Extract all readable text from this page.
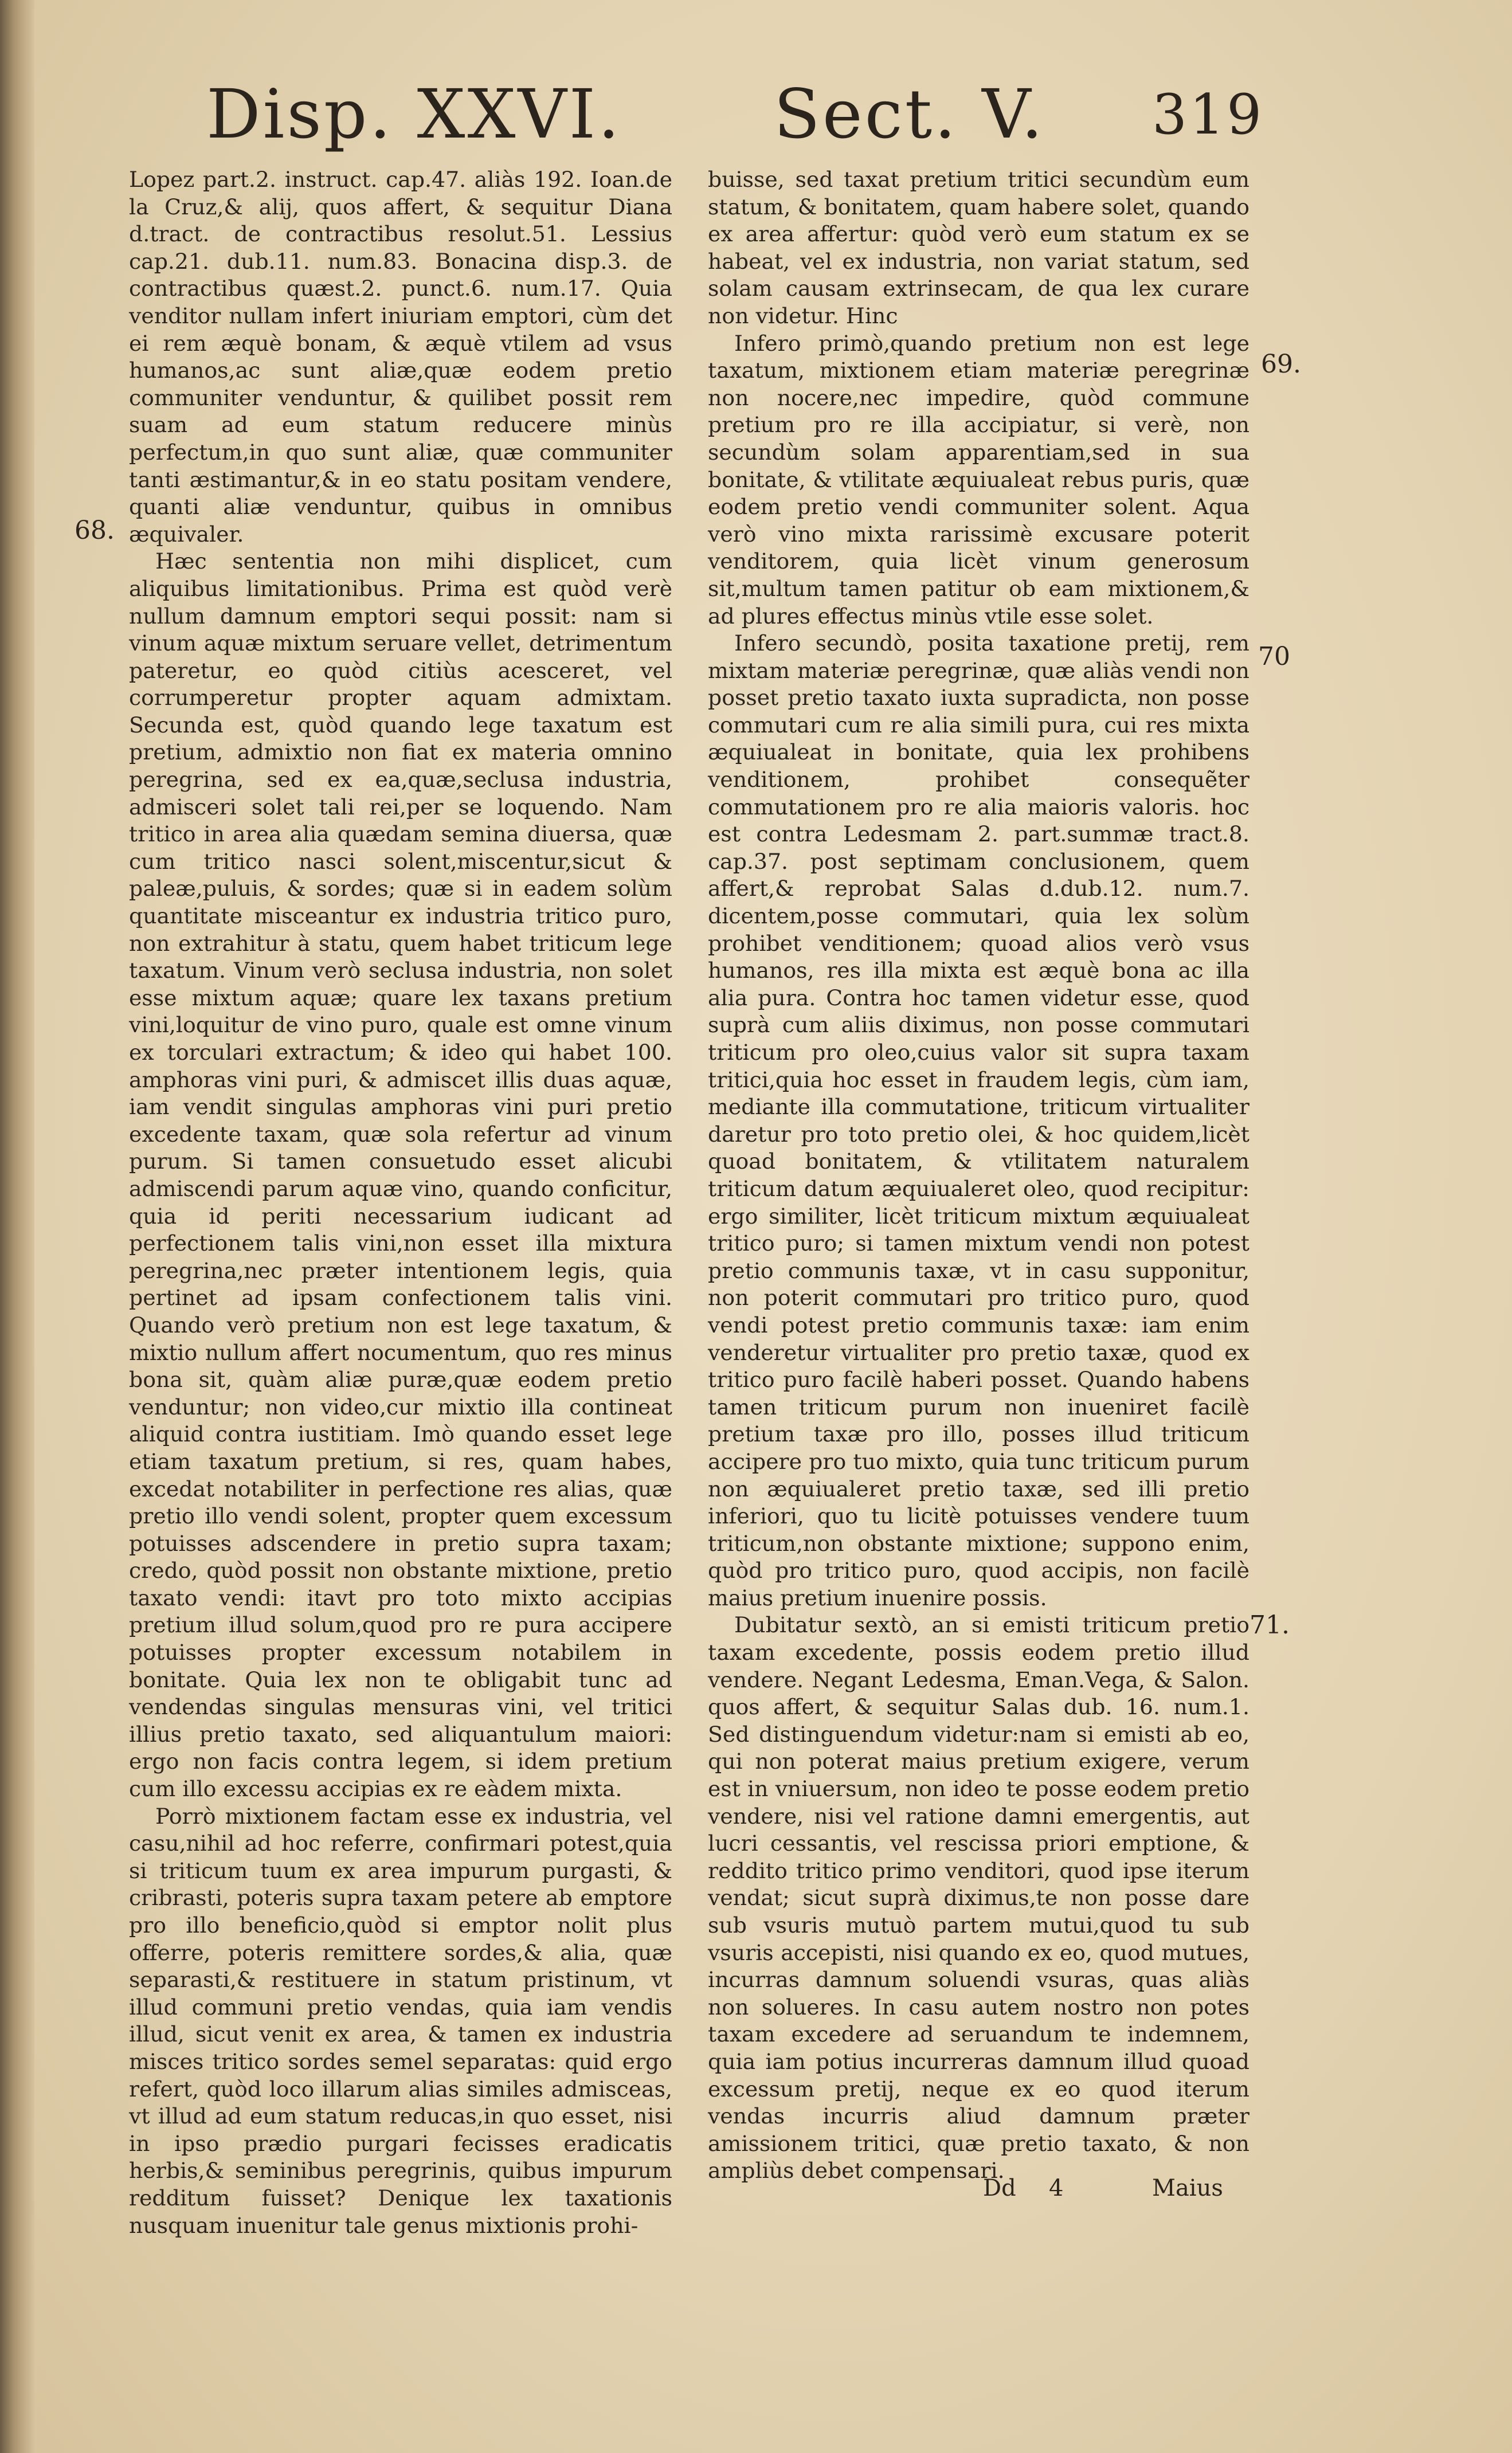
Disp. XXVI. Sect. V. 319

Lopez part.2. instruct. cap.47. aliàs 192. Ioan.de la Cruz,& alij, quos affert, & sequitur Diana d.tract. de contractibus resolut.51. Lessius cap.21. dub.11. num.83. Bonacina disp.3. de contractibus quæst.2. punct.6. num.17. Quia venditor nullam infert iniuriam emptori, cùm det ei rem æquè bonam, & æquè vtilem ad vsus humanos,ac sunt aliæ,quæ eodem pretio communiter venduntur, & quilibet possit rem suam ad eum statum reducere minùs perfectum,in quo sunt aliæ, quæ communiter tanti æstimantur,& in eo statu positam vendere, quanti aliæ venduntur, quibus in omnibus æquivaler.

Hæc sententia non mihi displicet, cum aliquibus limitationibus. Prima est quòd verè nullum damnum emptori sequi possit: nam si vinum aquæ mixtum seruare vellet, detrimentum pateretur, eo quòd citiùs acesceret, vel corrumperetur propter aquam admixtam. Secunda est, quòd quando lege taxatum est pretium, admixtio non fiat ex materia omnino peregrina, sed ex ea,quæ,seclusa industria, admisceri solet tali rei,per se loquendo. Nam tritico in area alia quædam semina diuersa, quæ cum tritico nasci solent,miscentur,sicut & paleæ,puluis, & sordes; quæ si in eadem solùm quantitate misceantur ex industria tritico puro, non extrahitur à statu, quem habet triticum lege taxatum. Vinum verò seclusa industria, non solet esse mixtum aquæ; quare lex taxans pretium vini,loquitur de vino puro, quale est omne vinum ex torculari extractum; & ideo qui habet 100. amphoras vini puri, & admiscet illis duas aquæ, iam vendit singulas amphoras vini puri pretio excedente taxam, quæ sola refertur ad vinum purum. Si tamen consuetudo esset alicubi admiscendi parum aquæ vino, quando conficitur, quia id periti necessarium iudicant ad perfectionem talis vini,non esset illa mixtura peregrina,nec præter intentionem legis, quia pertinet ad ipsam confectionem talis vini. Quando verò pretium non est lege taxatum, & mixtio nullum affert nocumentum, quo res minus bona sit, quàm aliæ puræ,quæ eodem pretio venduntur; non video,cur mixtio illa contineat aliquid contra iustitiam. Imò quando esset lege etiam taxatum pretium, si res, quam habes, excedat notabiliter in perfectione res alias, quæ pretio illo vendi solent, propter quem excessum potuisses adscendere in pretio supra taxam; credo, quòd possit non obstante mixtione, pretio taxato vendi: itavt pro toto mixto accipias pretium illud solum,quod pro re pura accipere potuisses propter excessum notabilem in bonitate. Quia lex non te obligabit tunc ad vendendas singulas mensuras vini, vel tritici illius pretio taxato, sed aliquantulum maiori: ergo non facis contra legem, si idem pretium cum illo excessu accipias ex re eàdem mixta.

Porrò mixtionem factam esse ex industria, vel casu,nihil ad hoc referre, confirmari potest,quia si triticum tuum ex area impurum purgasti, & cribrasti, poteris supra taxam petere ab emptore pro illo beneficio,quòd si emptor nolit plus offerre, poteris remittere sordes,& alia, quæ separasti,& restituere in statum pristinum, vt illud communi pretio vendas, quia iam vendis illud, sicut venit ex area, & tamen ex industria misces tritico sordes semel separatas: quid ergo refert, quòd loco illarum alias similes admisceas, vt illud ad eum statum reducas,in quo esset, nisi in ipso prædio purgari fecisses eradicatis herbis,& seminibus peregrinis, quibus impurum redditum fuisset? Denique lex taxationis nusquam inuenitur tale genus mixtionis prohi-

buisse, sed taxat pretium tritici secundùm eum statum, & bonitatem, quam habere solet, quando ex area affertur: quòd verò eum statum ex se habeat, vel ex industria, non variat statum, sed solam causam extrinsecam, de qua lex curare non videtur. Hinc

Infero primò,quando pretium non est lege taxatum, mixtionem etiam materiæ peregrinæ non nocere,nec impedire, quòd commune pretium pro re illa accipiatur, si verè, non secundùm solam apparentiam,sed in sua bonitate, & vtilitate æquiualeat rebus puris, quæ eodem pretio vendi communiter solent. Aqua verò vino mixta rarissimè excusare poterit venditorem, quia licèt vinum generosum sit,multum tamen patitur ob eam mixtionem,& ad plures effectus minùs vtile esse solet.

Infero secundò, posita taxatione pretij, rem mixtam materiæ peregrinæ, quæ aliàs vendi non posset pretio taxato iuxta supradicta, non posse commutari cum re alia simili pura, cui res mixta æquiualeat in bonitate, quia lex prohibens venditionem, prohibet consequẽter commutationem pro re alia maioris valoris. hoc est contra Ledesmam 2. part.summæ tract.8. cap.37. post septimam conclusionem, quem affert,& reprobat Salas d.dub.12. num.7. dicentem,posse commutari, quia lex solùm prohibet venditionem; quoad alios verò vsus humanos, res illa mixta est æquè bona ac illa alia pura. Contra hoc tamen videtur esse, quod suprà cum aliis diximus, non posse commutari triticum pro oleo,cuius valor sit supra taxam tritici,quia hoc esset in fraudem legis, cùm iam, mediante illa commutatione, triticum virtualiter daretur pro toto pretio olei, & hoc quidem,licèt quoad bonitatem, & vtilitatem naturalem triticum datum æquiualeret oleo, quod recipitur: ergo similiter, licèt triticum mixtum æquiualeat tritico puro; si tamen mixtum vendi non potest pretio communis taxæ, vt in casu supponitur, non poterit commutari pro tritico puro, quod vendi potest pretio communis taxæ: iam enim venderetur virtualiter pro pretio taxæ, quod ex tritico puro facilè haberi posset. Quando habens tamen triticum purum non inueniret facilè pretium taxæ pro illo, posses illud triticum accipere pro tuo mixto, quia tunc triticum purum non æquiualeret pretio taxæ, sed illi pretio inferiori, quo tu licitè potuisses vendere tuum triticum,non obstante mixtione; suppono enim, quòd pro tritico puro, quod accipis, non facilè maius pretium inuenire possis.

Dubitatur sextò, an si emisti triticum pretio taxam excedente, possis eodem pretio illud vendere. Negant Ledesma, Eman.Vega, & Salon. quos affert, & sequitur Salas dub. 16. num.1. Sed distinguendum videtur:nam si emisti ab eo, qui non poterat maius pretium exigere, verum est in vniuersum, non ideo te posse eodem pretio vendere, nisi vel ratione damni emergentis, aut lucri cessantis, vel rescissa priori emptione, & reddito tritico primo venditori, quod ipse iterum vendat; sicut suprà diximus,te non posse dare sub vsuris mutuò partem mutui,quod tu sub vsuris accepisti, nisi quando ex eo, quod mutues, incurras damnum soluendi vsuras, quas aliàs non solueres. In casu autem nostro non potes taxam excedere ad seruandum te indemnem, quia iam potius incurreras damnum illud quoad excessum pretij, neque ex eo quod iterum vendas incurris aliud damnum præter amissionem tritici, quæ pretio taxato, & non ampliùs debet compensari.

68.
69.
70
71.
Dd 4	Maius
